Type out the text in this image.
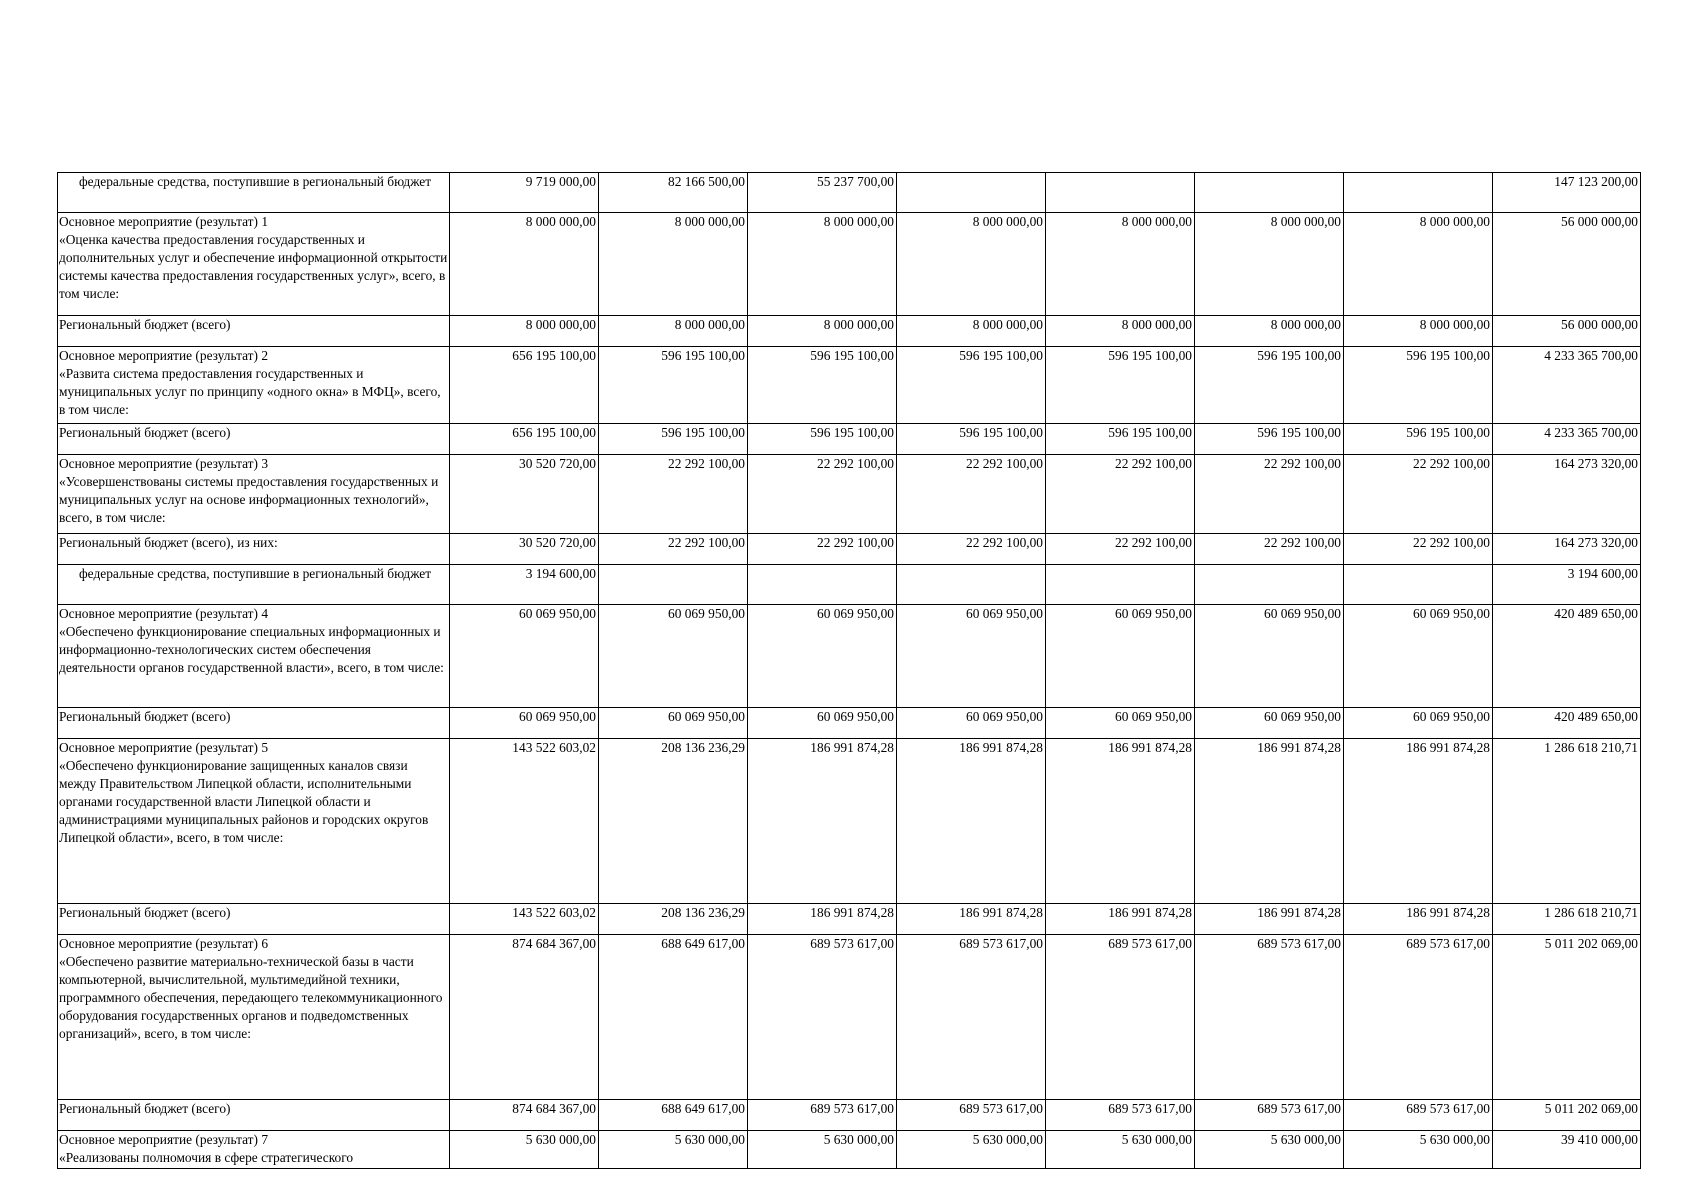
федеральные средства, поступившие в региональный бюджет	9 719 000,00	82 166 500,00	55 237 700,00					147 123 200,00
Основное мероприятие (результат) 1
«Оценка качества предоставления государственных и дополнительных услуг и обеспечение информационной открытости системы качества предоставления государственных услуг», всего, в том числе:	8 000 000,00	8 000 000,00	8 000 000,00	8 000 000,00	8 000 000,00	8 000 000,00	8 000 000,00	56 000 000,00
Региональный бюджет (всего)	8 000 000,00	8 000 000,00	8 000 000,00	8 000 000,00	8 000 000,00	8 000 000,00	8 000 000,00	56 000 000,00
Основное мероприятие (результат) 2
«Развита система предоставления государственных и муниципальных услуг по принципу «одного окна» в МФЦ», всего, в том числе:	656 195 100,00	596 195 100,00	596 195 100,00	596 195 100,00	596 195 100,00	596 195 100,00	596 195 100,00	4 233 365 700,00
Региональный бюджет (всего)	656 195 100,00	596 195 100,00	596 195 100,00	596 195 100,00	596 195 100,00	596 195 100,00	596 195 100,00	4 233 365 700,00
Основное мероприятие (результат) 3
«Усовершенствованы системы предоставления государственных и муниципальных услуг на основе информационных технологий», всего, в том числе:	30 520 720,00	22 292 100,00	22 292 100,00	22 292 100,00	22 292 100,00	22 292 100,00	22 292 100,00	164 273 320,00
Региональный бюджет (всего), из них:	30 520 720,00	22 292 100,00	22 292 100,00	22 292 100,00	22 292 100,00	22 292 100,00	22 292 100,00	164 273 320,00
федеральные средства, поступившие в региональный бюджет	3 194 600,00							3 194 600,00
Основное мероприятие (результат) 4
«Обеспечено функционирование специальных информационных и информационно-технологических систем обеспечения деятельности органов государственной власти», всего, в том числе:	60 069 950,00	60 069 950,00	60 069 950,00	60 069 950,00	60 069 950,00	60 069 950,00	60 069 950,00	420 489 650,00
Региональный бюджет (всего)	60 069 950,00	60 069 950,00	60 069 950,00	60 069 950,00	60 069 950,00	60 069 950,00	60 069 950,00	420 489 650,00
Основное мероприятие (результат) 5
«Обеспечено функционирование защищенных каналов связи между Правительством Липецкой области, исполнительными органами государственной власти Липецкой области и администрациями муниципальных районов и городских округов Липецкой области», всего, в том числе:	143 522 603,02	208 136 236,29	186 991 874,28	186 991 874,28	186 991 874,28	186 991 874,28	186 991 874,28	1 286 618 210,71
Региональный бюджет (всего)	143 522 603,02	208 136 236,29	186 991 874,28	186 991 874,28	186 991 874,28	186 991 874,28	186 991 874,28	1 286 618 210,71
Основное мероприятие (результат) 6
«Обеспечено развитие материально-технической базы в части компьютерной, вычислительной, мультимедийной техники, программного обеспечения, передающего телекоммуникационного оборудования государственных органов и подведомственных организаций», всего, в том числе:	874 684 367,00	688 649 617,00	689 573 617,00	689 573 617,00	689 573 617,00	689 573 617,00	689 573 617,00	5 011 202 069,00
Региональный бюджет (всего)	874 684 367,00	688 649 617,00	689 573 617,00	689 573 617,00	689 573 617,00	689 573 617,00	689 573 617,00	5 011 202 069,00
Основное мероприятие (результат) 7
«Реализованы полномочия в сфере стратегического	5 630 000,00	5 630 000,00	5 630 000,00	5 630 000,00	5 630 000,00	5 630 000,00	5 630 000,00	39 410 000,00
